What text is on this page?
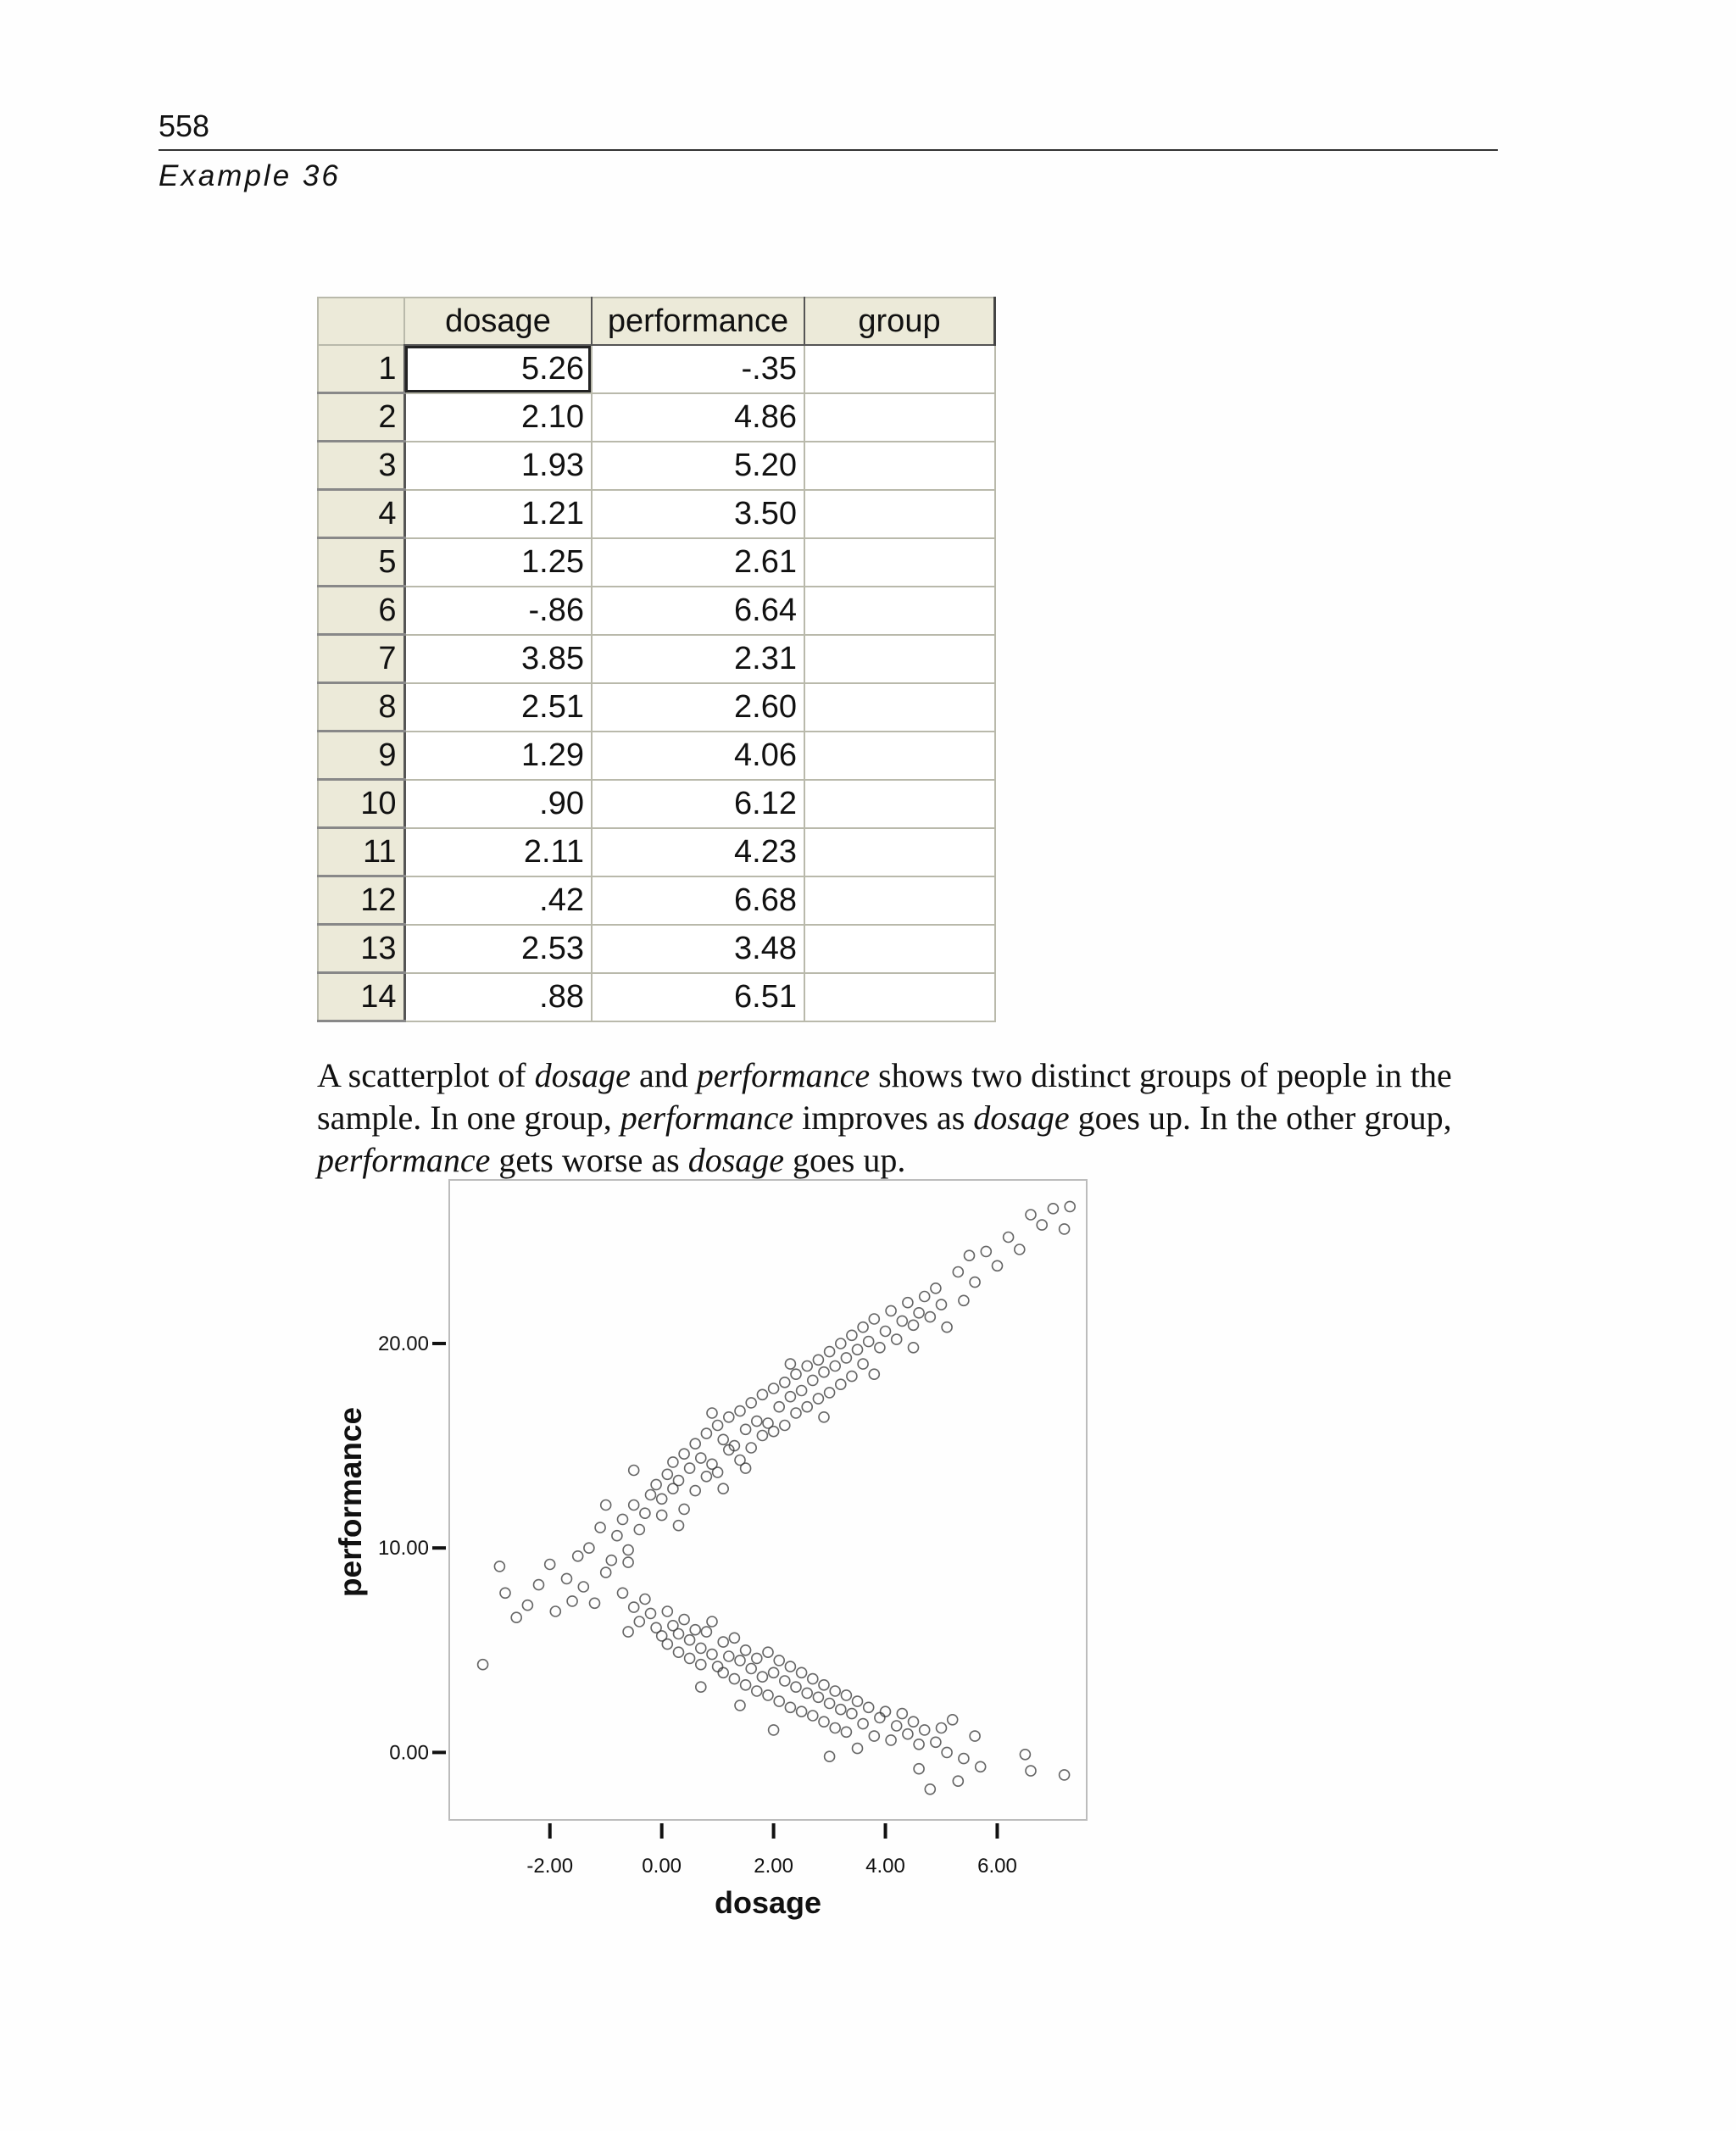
558
Example 36
	dosage	performance	group
1	5.26	-.35	
2	2.10	4.86	
3	1.93	5.20	
4	1.21	3.50	
5	1.25	2.61	
6	-.86	6.64	
7	3.85	2.31	
8	2.51	2.60	
9	1.29	4.06	
10	.90	6.12	
11	2.11	4.23	
12	.42	6.68	
13	2.53	3.48	
14	.88	6.51	

A scatterplot of dosage and performance shows two distinct groups of people in the sample. In one group, performance improves as dosage goes up. In the other group, performance gets worse as dosage goes up.

-2.00	0.00	2.00	4.00	6.00
0.00
10.00
20.00
dosage
performance
